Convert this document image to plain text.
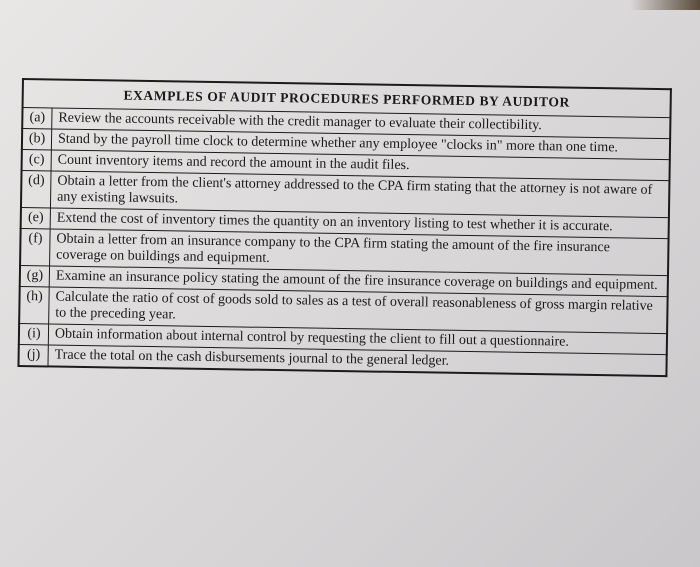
EXAMPLES OF AUDIT PROCEDURES PERFORMED BY AUDITOR	
(a)	Review the accounts receivable with the credit manager to evaluate their collectibility.
(b)	Stand by the payroll time clock to determine whether any employee "clocks in" more than one time.
(c)	Count inventory items and record the amount in the audit files.
(d)	Obtain a letter from the client's attorney addressed to the CPA firm stating that the attorney is not aware of any existing lawsuits.
(e)	Extend the cost of inventory times the quantity on an inventory listing to test whether it is accurate.
(f)	Obtain a letter from an insurance company to the CPA firm stating the amount of the fire insurance coverage on buildings and equipment.
(g)	Examine an insurance policy stating the amount of the fire insurance coverage on buildings and equipment.
(h)	Calculate the ratio of cost of goods sold to sales as a test of overall reasonableness of gross margin relative to the preceding year.
(i)	Obtain information about internal control by requesting the client to fill out a questionnaire.
(j)	Trace the total on the cash disbursements journal to the general ledger.
